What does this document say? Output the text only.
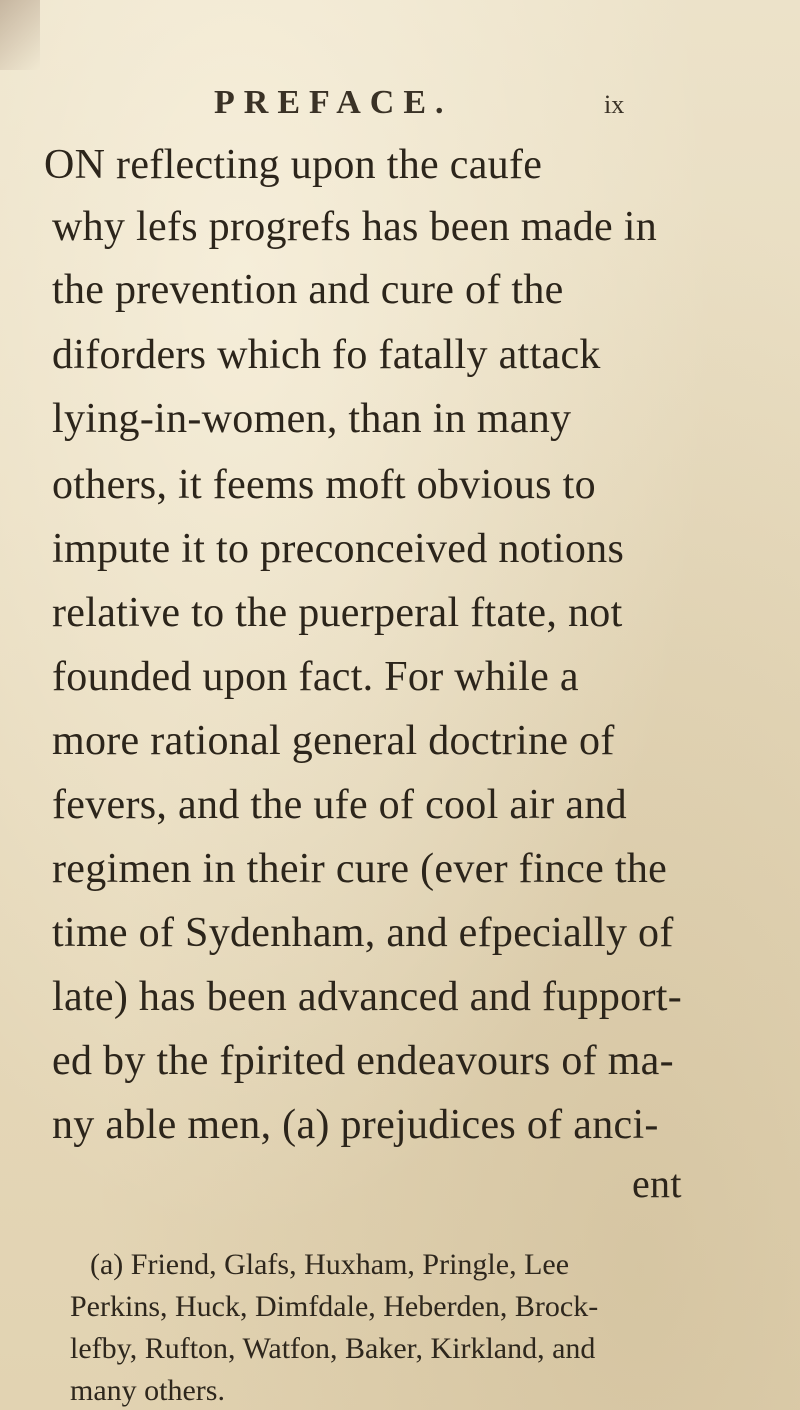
PREFACE.	ix
ON reflecting upon the caufe
why lefs progrefs has been made in
the prevention and cure of the
diforders which fo fatally attack
lying-in-women, than in many
others, it feems moft obvious to
impute it to preconceived notions
relative to the puerperal ftate, not
founded upon fact. For while a
more rational general doctrine of
fevers, and the ufe of cool air and
regimen in their cure (ever fince the
time of Sydenham, and efpecially of
late) has been advanced and fupport-
ed by the fpirited endeavours of ma-
ny able men, (a) prejudices of anci-
ent
(a) Friend, Glafs, Huxham, Pringle, Lee
Perkins, Huck, Dimfdale, Heberden, Brock-
lefby, Rufton, Watfon, Baker, Kirkland, and
many others.
